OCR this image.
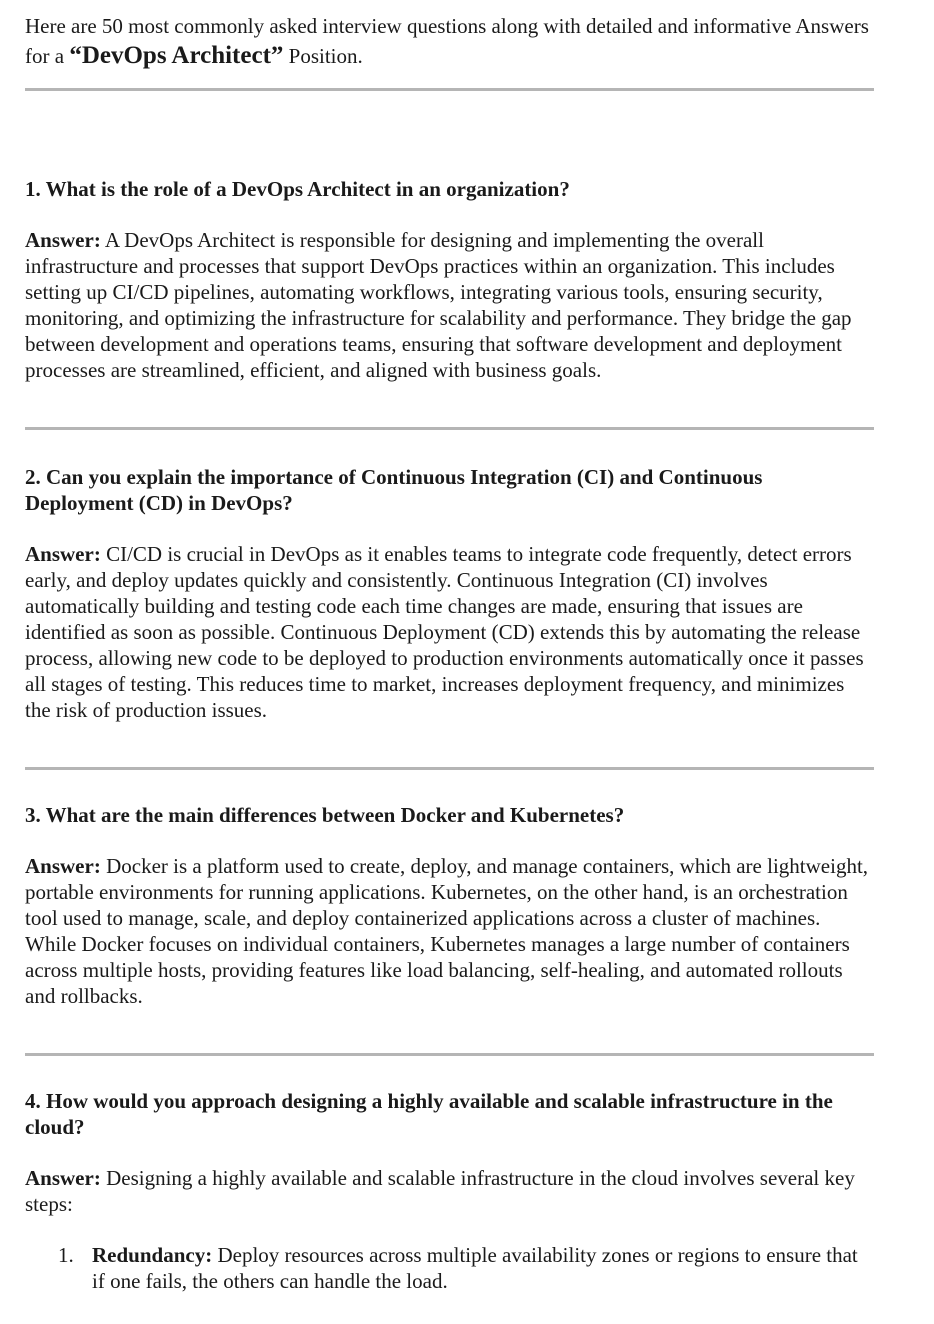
Here are 50 most commonly asked interview questions along with detailed and informative Answers for a “DevOps Architect” Position.

1. What is the role of a DevOps Architect in an organization?

Answer: A DevOps Architect is responsible for designing and implementing the overall infrastructure and processes that support DevOps practices within an organization. This includes setting up CI/CD pipelines, automating workflows, integrating various tools, ensuring security, monitoring, and optimizing the infrastructure for scalability and performance. They bridge the gap between development and operations teams, ensuring that software development and deployment processes are streamlined, efficient, and aligned with business goals.

2. Can you explain the importance of Continuous Integration (CI) and Continuous Deployment (CD) in DevOps?

Answer: CI/CD is crucial in DevOps as it enables teams to integrate code frequently, detect errors early, and deploy updates quickly and consistently. Continuous Integration (CI) involves automatically building and testing code each time changes are made, ensuring that issues are identified as soon as possible. Continuous Deployment (CD) extends this by automating the release process, allowing new code to be deployed to production environments automatically once it passes all stages of testing. This reduces time to market, increases deployment frequency, and minimizes the risk of production issues.

3. What are the main differences between Docker and Kubernetes?

Answer: Docker is a platform used to create, deploy, and manage containers, which are lightweight, portable environments for running applications. Kubernetes, on the other hand, is an orchestration tool used to manage, scale, and deploy containerized applications across a cluster of machines. While Docker focuses on individual containers, Kubernetes manages a large number of containers across multiple hosts, providing features like load balancing, self-healing, and automated rollouts and rollbacks.

4. How would you approach designing a highly available and scalable infrastructure in the cloud?

Answer: Designing a highly available and scalable infrastructure in the cloud involves several key steps:

1. Redundancy: Deploy resources across multiple availability zones or regions to ensure that if one fails, the others can handle the load.
